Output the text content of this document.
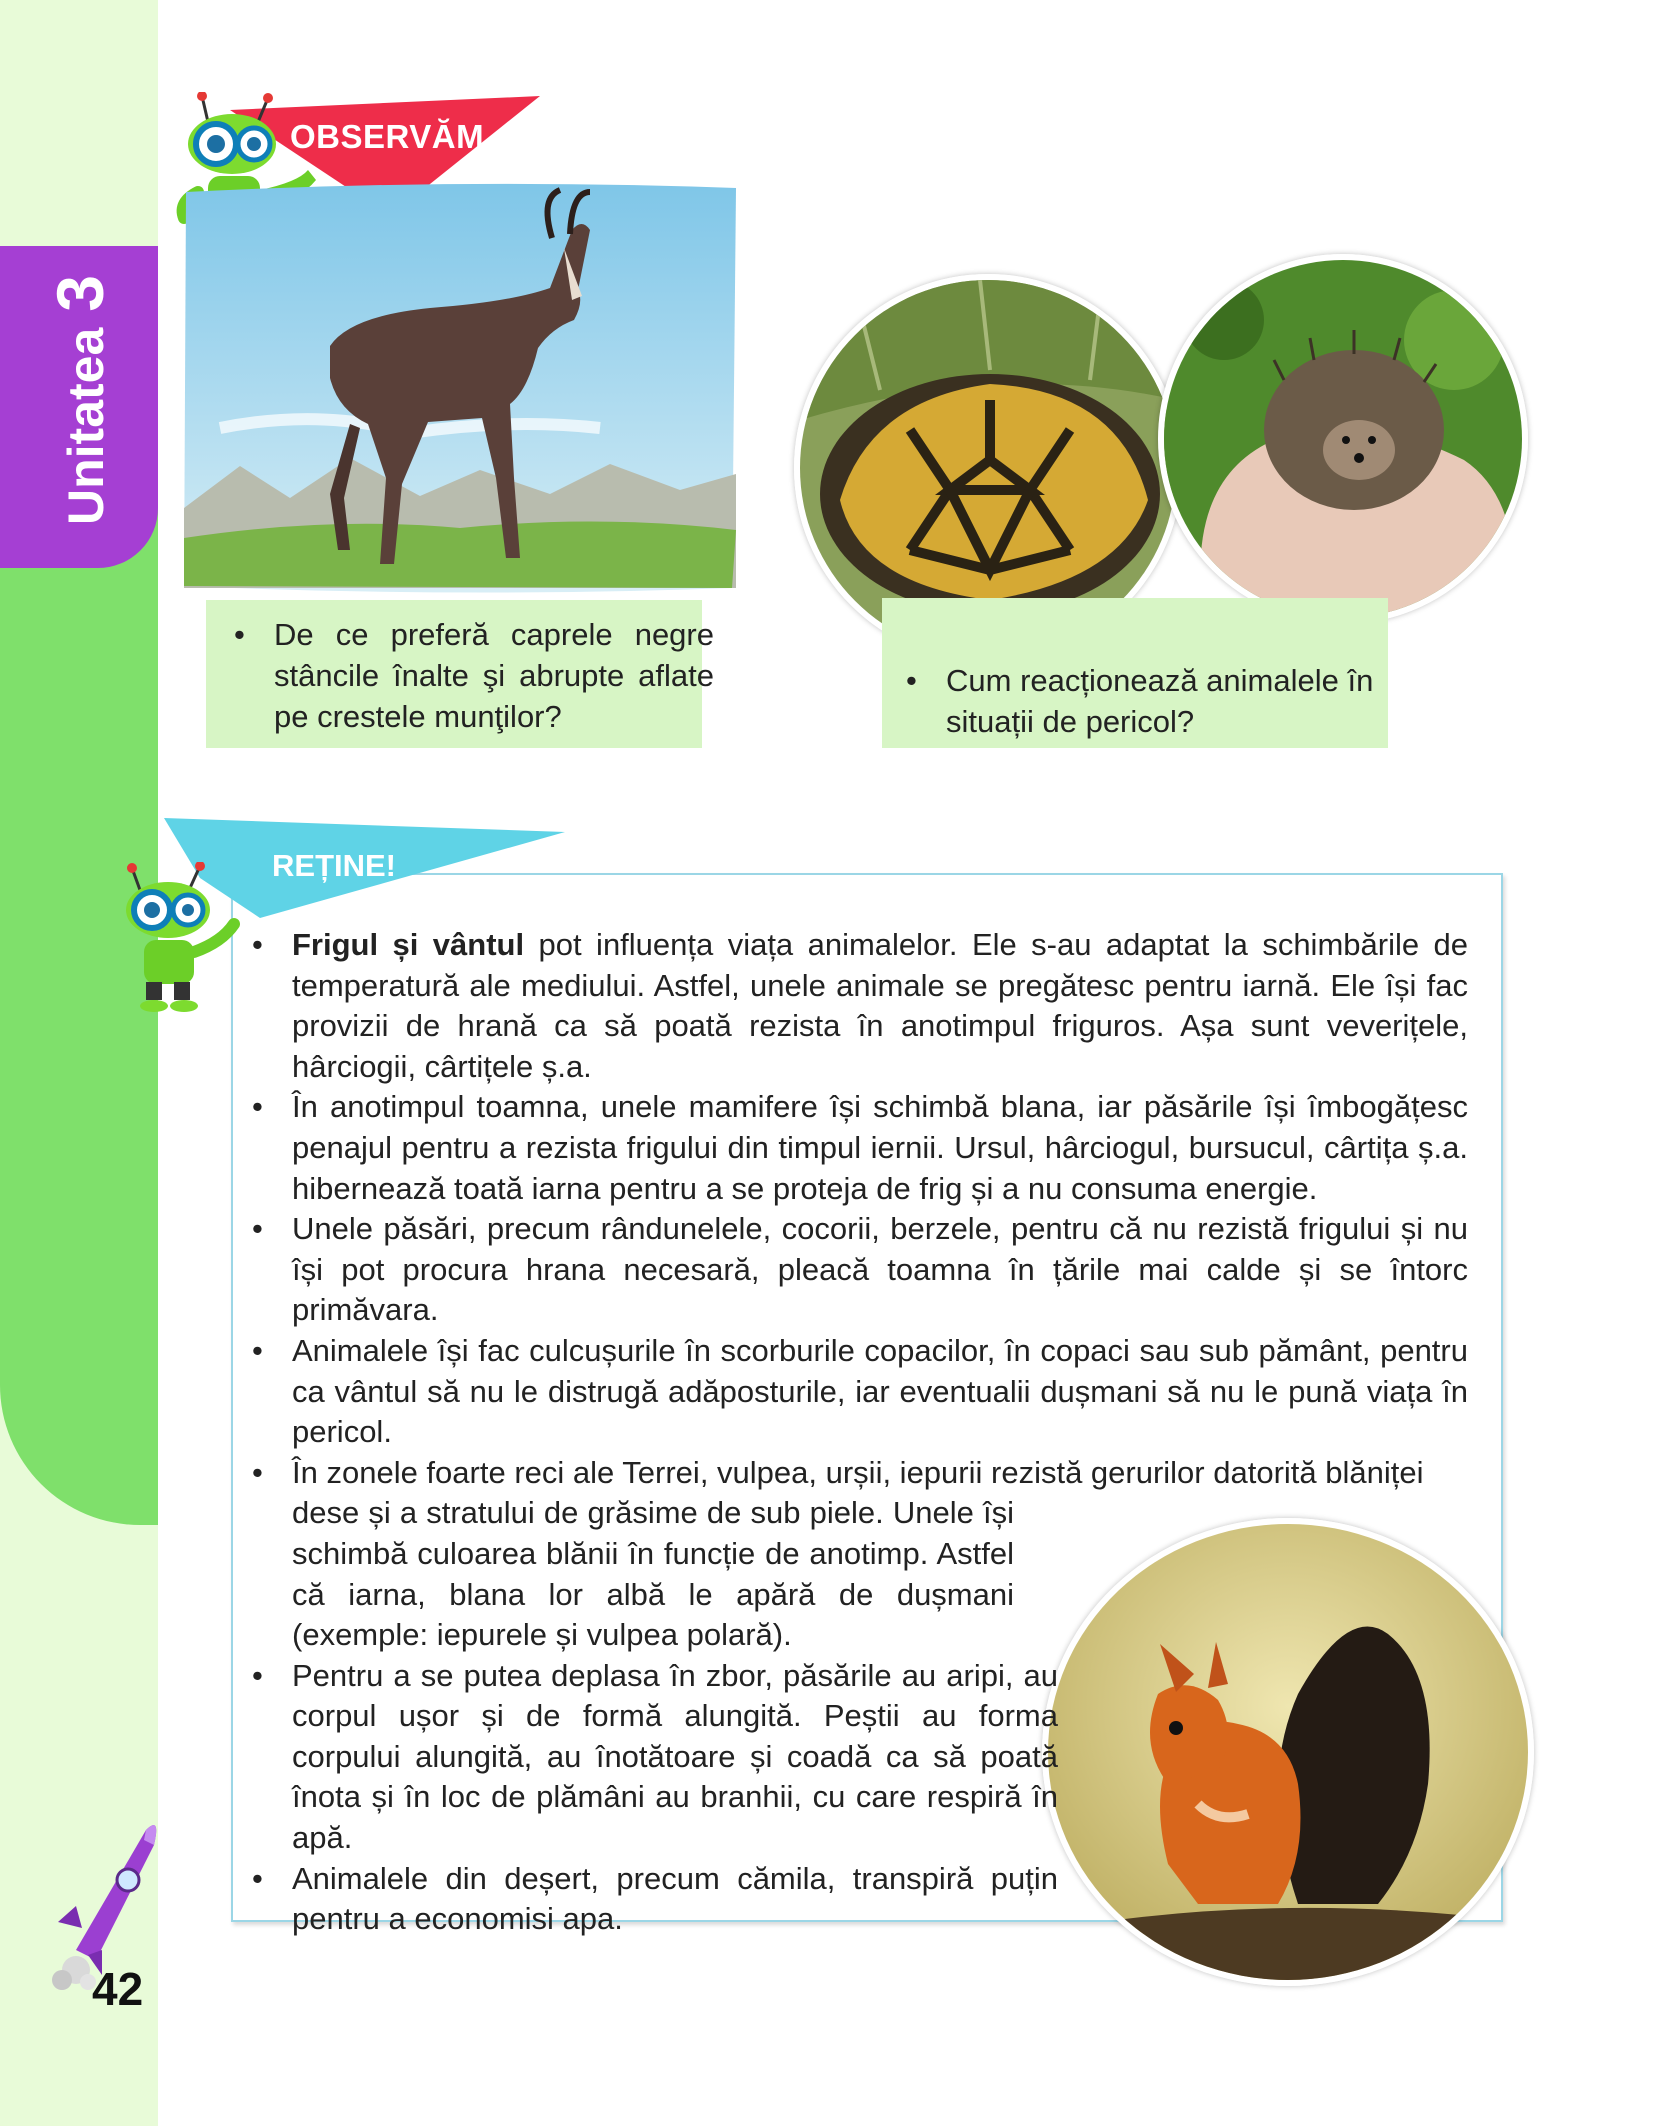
Unitatea3
42
OBSERVĂM
• De ce preferă caprele negre stâncile înalte şi abrupte aflate pe crestele munţilor?
• Cum reacționează animalele în situații de pericol?
REȚINE!
• Frigul și vântul pot influența viața animalelor. Ele s-au adaptat la schimbările de temperatură ale mediului. Astfel, unele animale se pregătesc pentru iarnă. Ele își fac provizii de hrană ca să poată rezista în anotimpul friguros. Așa sunt veverițele, hârciogii, cârtițele ș.a.
• În anotimpul toamna, unele mamifere își schimbă blana, iar păsările își îmbogățesc penajul pentru a rezista frigului din timpul iernii. Ursul, hârciogul, bursucul, cârtița ș.a. hibernează toată iarna pentru a se proteja de frig și a nu consuma energie.
• Unele păsări, precum rândunelele, cocorii, berzele, pentru că nu rezistă frigului și nu își pot procura hrana necesară, pleacă toamna în țările mai calde și se întorc primăvara.
• Animalele își fac culcușurile în scorburile copacilor, în copaci sau sub pământ, pentru ca vântul să nu le distrugă adăposturile, iar eventualii dușmani să nu le pună viața în pericol.
• În zonele foarte reci ale Terrei, vulpea, urșii, iepurii rezistă gerurilor datorită blăniței
dese și a stratului de grăsime de sub piele. Unele își schimbă culoarea blănii în funcție de anotimp. Astfel că iarna, blana lor albă le apără de dușmani (exemple: iepurele și vulpea polară).
• Pentru a se putea deplasa în zbor, păsările au aripi, au corpul ușor și de formă alungită. Peștii au forma corpului alungită, au înotătoare și coadă ca să poată înota și în loc de plămâni au branhii, cu care respiră în apă.
• Animalele din deșert, precum cămila, transpiră puțin pentru a economisi apa.
